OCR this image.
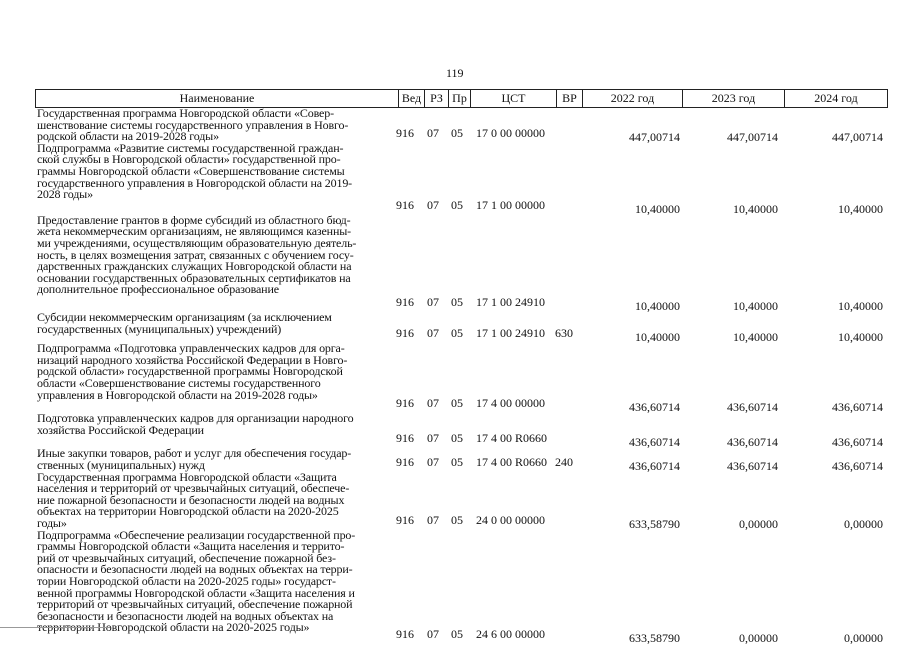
119
Наименование	Вед РЗ Пр	ЦСТ	ВР	2022 год	2023 год	2024 год
Государственная программа Новгородской области «Совер-
шенствование системы государственного управления в Новго-
родской области на 2019-2028 годы»	916	07	05	17 0 00 00000	447,00714	447,00714	447,00714
Подпрограмма «Развитие системы государственной граждан-
ской службы в Новгородской области» государственной про-
граммы Новгородской области «Совершенствование системы
государственного управления в Новгородской области на 2019-
2028 годы»
916	07	05	17 1 00 00000	10,40000	10,40000	10,40000
Предоставление грантов в форме субсидий из областного бюд-
жета некоммерческим организациям, не являющимся казенны-
ми учреждениями, осуществляющим образовательную деятель-
ность, в целях возмещения затрат, связанных с обучением госу-
дарственных гражданских служащих Новгородской области на
основании государственных образовательных сертификатов на
дополнительное профессиональное образование
916	07	05	17 1 00 24910	10,40000	10,40000	10,40000
Субсидии некоммерческим организациям (за исключением
государственных (муниципальных) учреждений)	916	07	05	17 1 00 24910 630	10,40000	10,40000	10,40000
Подпрограмма «Подготовка управленческих кадров для орга-
низаций народного хозяйства Российской Федерации в Новго-
родской области» государственной программы Новгородской
области «Совершенствование системы государственного
управления в Новгородской области на 2019-2028 годы»
916	07	05	17 4 00 00000	436,60714	436,60714	436,60714
Подготовка управленческих кадров для организации народного
хозяйства Российской Федерации
916	07	05	17 4 00 R0660	436,60714	436,60714	436,60714
Иные закупки товаров, работ и услуг для обеспечения государ-
ственных (муниципальных) нужд	916	07	05	17 4 00 R0660 240	436,60714	436,60714	436,60714
Государственная программа Новгородской области «Защита
населения и территорий от чрезвычайных ситуаций, обеспече-
ние пожарной безопасности и безопасности людей на водных
объектах на территории Новгородской области на 2020-2025
годы»	916	07	05	24 0 00 00000	633,58790	0,00000	0,00000
Подпрограмма «Обеспечение реализации государственной про-
граммы Новгородской области «Защита населения и террито-
рий от чрезвычайных ситуаций, обеспечение пожарной без-
опасности и безопасности людей на водных объектах на терри-
тории Новгородской области на 2020-2025 годы» государст-
венной программы Новгородской области «Защита населения и
территорий от чрезвычайных ситуаций, обеспечение пожарной
безопасности и безопасности людей на водных объектах на
территории Новгородской области на 2020-2025 годы»	916	07	05	24 6 00 00000	633,58790	0,00000	0,00000
